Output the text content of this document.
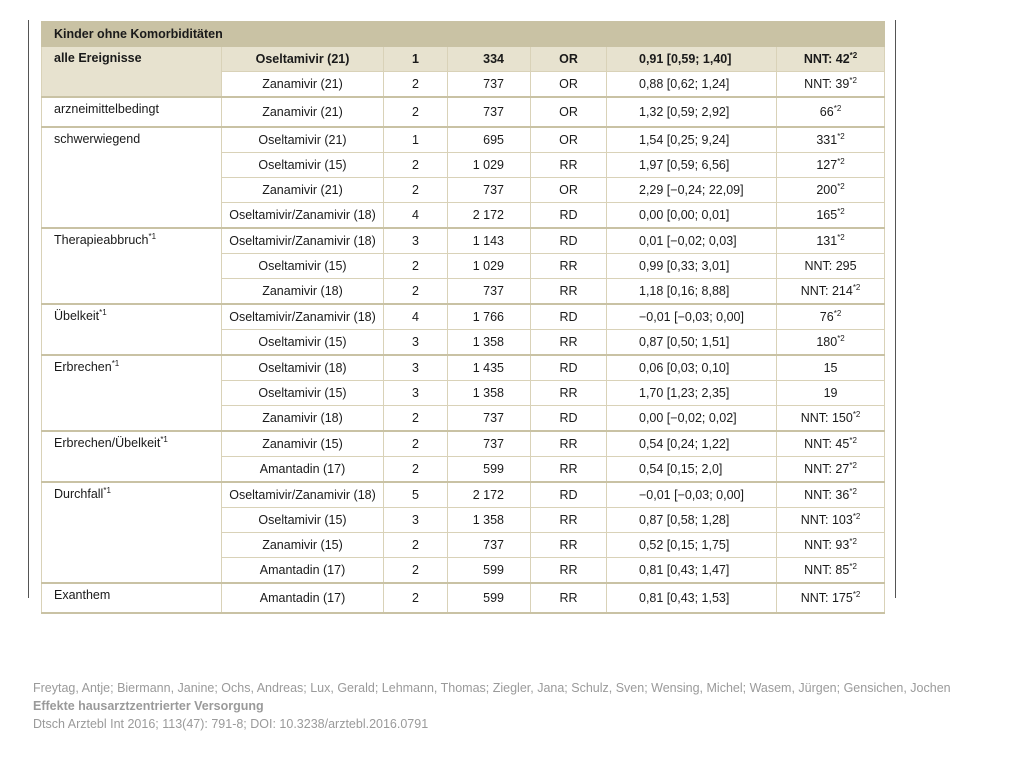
Kinder ohne Komorbiditäten						
alle Ereignisse	Oseltamivir (21)	1	334	OR	0,91 [0,59; 1,40]	NNT: 42$^{*2}$
	Zanamivir (21)	2	737	OR	0,88 [0,62; 1,24]	NNT: 39$^{*2}$
arzneimittelbedingt	Zanamivir (21)	2	737	OR	1,32 [0,59; 2,92]	66$^{*2}$
schwerwiegend	Oseltamivir (21)	1	695	OR	1,54 [0,25; 9,24]	331$^{*2}$
	Oseltamivir (15)	2	1 029	RR	1,97 [0,59; 6,56]	127$^{*2}$
	Zanamivir (21)	2	737	OR	2,29 [−0,24; 22,09]	200$^{*2}$
	Oseltamivir/Zanamivir (18)	4	2 172	RD	0,00 [0,00; 0,01]	165$^{*2}$
Therapieabbruch$^{*1}$	Oseltamivir/Zanamivir (18)	3	1 143	RD	0,01 [−0,02; 0,03]	131$^{*2}$
	Oseltamivir (15)	2	1 029	RR	0,99 [0,33; 3,01]	NNT: 295
	Zanamivir (18)	2	737	RR	1,18 [0,16; 8,88]	NNT: 214$^{*2}$
Übelkeit$^{*1}$	Oseltamivir/Zanamivir (18)	4	1 766	RD	−0,01 [−0,03; 0,00]	76$^{*2}$
	Oseltamivir (15)	3	1 358	RR	0,87 [0,50; 1,51]	180$^{*2}$
Erbrechen$^{*1}$	Oseltamivir (18)	3	1 435	RD	0,06 [0,03; 0,10]	15
	Oseltamivir (15)	3	1 358	RR	1,70 [1,23; 2,35]	19
	Zanamivir (18)	2	737	RD	0,00 [−0,02; 0,02]	NNT: 150$^{*2}$
Erbrechen/Übelkeit$^{*1}$	Zanamivir (15)	2	737	RR	0,54 [0,24; 1,22]	NNT: 45$^{*2}$
	Amantadin (17)	2	599	RR	0,54 [0,15; 2,0]	NNT: 27$^{*2}$
Durchfall$^{*1}$	Oseltamivir/Zanamivir (18)	5	2 172	RD	−0,01 [−0,03; 0,00]	NNT: 36$^{*2}$
	Oseltamivir (15)	3	1 358	RR	0,87 [0,58; 1,28]	NNT: 103$^{*2}$
	Zanamivir (15)	2	737	RR	0,52 [0,15; 1,75]	NNT: 93$^{*2}$
	Amantadin (17)	2	599	RR	0,81 [0,43; 1,47]	NNT: 85$^{*2}$
Exanthem	Amantadin (17)	2	599	RR	0,81 [0,43; 1,53]	NNT: 175$^{*2}$
Freytag, Antje; Biermann, Janine; Ochs, Andreas; Lux, Gerald; Lehmann, Thomas; Ziegler, Jana; Schulz, Sven; Wensing, Michel; Wasem, Jürgen; Gensichen, Jochen
Effekte hausarztzentrierter Versorgung
Dtsch Arztebl Int 2016; 113(47): 791-8; DOI: 10.3238/arztebl.2016.0791
